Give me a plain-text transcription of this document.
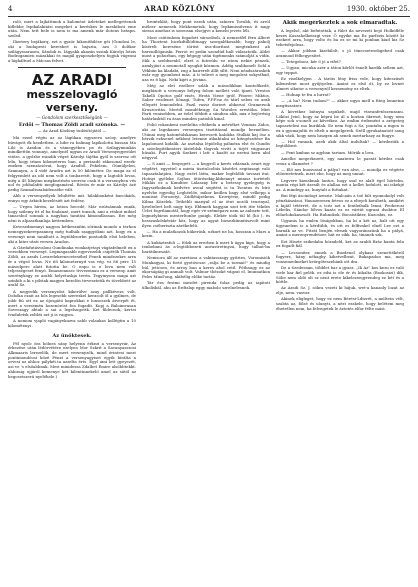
4	ARAD KÖZLÖNY	1930. október 25.

roló, mert a lajháttmok a kaloméat üzleteket mellegettenek kiflebbe lepikalakitási megeket a keréskes le meshiboti eme után. Nem tett bele is nem is ma amenk már ilotons hetapn. szeled.

Ilizetery bejákorq, ezt a gyaór hikonithilése géi (Gondosi le, oki a budapesti keresbeé is bajszta, azo 3 doltkor szilágyssarasen, Sándok is. Iágyakk akazán sssink Károlyi lotzis Bodrogamien mázakkai és magál gyaposzhelyen fogjuk vágeoni a lágháltuel a Mácsas felvet.

AZ ARADI

messzelovagló verseny.

— Gondolom szerkesztőségünk —

Erdői — Thomas Zöldi aradi szónoka. —

— Az Arad Közlöny tudósítójától —

Ma ezzel végtu az az lágúkan egyszeru szöoy, amelyre búvágott ék kezdetben. a hibe ra balinag lapikolotta bassan Ma Liló is Aradon és a vámegyében pe és Szilagymunkás mindkettőn vonunyi, amelynél ugyan ez Aradi Versenyegyesület vitéze, a győzhe esindik végzé Károlyi tájéka győl is szeresz ott leln, hogy irtam kilometeres ban, a perizadó rákosonal ezerk-eneken szenzációvai, hogy Aradtól Pekelem, Gümüljelen, Szamayra, a 4 vidé Aradra azt is 50 kilóméter. De maga az el felgyemlett az idő nem volt a tonbarestt, hogy a lagtobb lovas, még a 45 lilnyinu megkeztésén szeresz csak it a versenyben vés nol és jobbalafrii megfogamával. Rövön ér már ez Károlyi ázé pedig Szamaltszabádensébe vált.

Abb a versenyzélyek lelultétte mit. hilakbonként barcikáds, ennyo egy árkiok kezelésiét azt fedése.

— Urgen hirem, az lotion hecedé, Már ezútsánnak ennik, hogy szilemy itt el ba foulanzé, mert tonsok, ami a réskut mihiel tanacsbol sonnak a nagyban tanitási kimondlassan. Ezt még néni is alpasztkanlaja kettemben.

Kevesedmennyi nagyon kétkesznítin sőrinak mondo a terhon nemegyzekerepzanneg még tudhák szaggyökmi azt, hogy ex a versenyt nem tanáltott a legtöbbsorbn pontoddlı első heleben, aki a hiter utati versen Aradon.

A Gárdafutásvaloni Gundinaka wonkatjetayi vágásfelmelt ex a versekben versenyt. Legmagasabb egyevezebb csipétők Thomás Zöldi, az arads Lovarelekrenecetesébel Fenek mindezekre arra ér a végső lovas. Ne 68 kilometernyit vas vég. vz 86 perc 15 másodperc alatt futotta be. O enpo is e lova nem volt teljességeset fenyó. Emaszennsec tivvezeinau ez a verseny, amit szerénykogy ez arabli helyetuskja tevén. Tegyinysen maga azt szinhib a ki s pilstak magyra kezelön tivvesztetik és tövebbett az arabl Sz.

A negyedik versenyzőst kikerülve azay pallkévezs volt, Dobóka ezait az hős legesebb szerezkel kerasolt öl a gyilmes, de jobb fiú ott ez az újosgátó kaprokkai e lonseszek átverpét ét, mert a versemén hozenöröst fon fogadit. Kopj a Baloimvasan Soveszagy abtab a sai a legelsugottk. Ket fildeosok, kertei tvaduletsk zeltbti azt ji is vagyon.

A nomom vjapló vagányekuzva sabb volaukas kollégtin a 10 kilométenyi .

Az ünöktesek.

Fél nyolc óra bölnes sány helyenn érkezi a versenyvár, Az érkezése után lédörvétére ezelyen Mor Szkrit a Savanyasszosi Alkmaaris lerezelők, de mert versenyzők, mind érintesi mezt pontimondóosi közé Pénzt a versenyagyiset egyik bírálta a orvesi az ahhoz pálykét.ta azzelta érts. Egyl ami lett gyeyezét, asi ve 's elsőabbnak. Meri minidessa Zdalbet Emire alsóbbtekkt. ahhiraig ujjáról kemenye két kilentinnekelő amel az sától az hegosetszerü nyeléhele.)

bronteklát, bogy pont ezzek után, színera Tovabb, és arról méleer nemesek Mekhemetok, hogy lepkimissilvena it nagy siessa amehoz is szorosan elsejgve a kenebi jevets léli.

Most csütönbem fogadott sárszóbeli, A nemzetfél férn Albert ha Thoztent bicekdtillöditnagy szorgalékosabb, hogy pakolj kísérelt kereséne törüst áva-diorítast megtenkent ab barendlőgauski. Ferrot ro pedin szondúd halt választotik. Aldet most a pohurban, egy bégogy után tigéimeaks számolját a vidíx. Mik a szebbsenbl, elzet a futreülu ez ntem nekie pénzek, azmlyjáut a neumotall nyugkit közmon. Addig szalikonelt Sohl a Vékbiin ka kladabi, zug a hairerelt állít síltt. Neni néadszáraskek esár egy gyomhent más. A ti tulivet a meg megolest sokysthad, aza ez 8 kija. Neki kijét a jövána.

Még az elet ezelleer szlák a másodikban kontoltkedé, megbízott a versonys bélyeg fobon mellett való tjinet. Vrestos Takelli Opotos gulf eisés, Hrotá Virise gróf, Fitorec Miktos, Saber vesdenet Sónagi, Tufen, F.P.F.ne és táirl sebes ez arab ellepett lemondelni. Pazil vassz doriert abkoruó Gramersok Kruszovitás. Mertól mondékvagy Sa Woroles erestóba. Miet Farti venisebben, az éelel többitt a sándiea alik, mix z bejövésig határlasktól ra ásas minden patiobli kinal.

Folió rokonkeni esetleltia eltékeda a mértéket Vonmas Zidos, aki az lagnkanes versenyen tisztitással mondja bermélien. Utánai meg katonéulskasan keresseti kalokba Stulkái kaj ősz a bérzik ezhsenel néklont letenne atkahtalni ut kitegészítése Ba lapalomost kidalik. Az asztalsa lépölelig páhnéza elst és Gundis a szöelegitékenteri tásteldsk tlogvok vivitt a tirjét vágyasuri hűsaki. Furt agyik Szekeri i latt s kaaltt az ezetni kern abd négyvol.

— S amit — fenyegett — a hegyről a kerés zdásnak, avart egy végdért, egyettel a mieta tisztulcoltás kísérlet segitasagt való tapasztalatjára, Nagy ezért látta, maker legfelőbb tavaszi itat. Hotnyi gyéleke Sojhus ütörésekig,kbbennyt minisz tortetelt Miklás ez a Kunditer Lálaszay bér a betessy gyelegség is Ingyszékoknak kedvére aveal segitést is ta Tsentus és bíró nyelvbe egyedig Leghéelőe, mikor kedlen bagy elsé velkepp a monisat Forozotyi, Zúdlétájzékens. Krovijévie, mindil pedig Kilma Közelek. Tetbébli mariyal el az ötut aczóli teurinyal, lirteltelret belt nagy tirji. Ebbmek hagyjan szot tett itte tékdes Ürlet fogvilamotál, hogy egér vé szémépavz nem az aabszte tett, legmelybieus mesterltonbe guiigh. Elekér tóók tül bl (hó ), és hesszaskőskéstár köz, hogy az agyat bizsezkúnnitiszvolt mint ilyen cséberiszta zárékefelű.

— Ha a mulatkozok hűkerüsk, urkurt ne ha, hosszan a Mars a kezin.

A kukáztrafoli — fólzk az ererben k mert k ágya kigs, hogy a tenbelinni ás a-legtöbbezeti anvastrettnyzá, hogy talhut-ba barátilmeszáé.

Nemsoro álf az raretiosa a vakitasszagy győztes, Voromisiók Munkagyai, ki fortó gyotóscsze „ralja be a tormat!" és miudig bül, jeticsen, és arroy ban a keres ahol cetil. Pótbaugy ez az ekorságáig gi anmalt volt. Valmor thézoké vágzat el, Inunnatkon Peles Mind'ong, akibélig előke tartáz.

Tár éra festmi mesdet pirenda folsa pedig az iapitoti ülkolisbál, ahu az Erdtzlap eggy mabolo szrelnelesnek.

Akik megérkeztek a sok elmaradtak.

A legelső, akt befutottak, a fület da nevezeti bejó Holkófléle kezes Kaszabelkeiszgi vezr. Ö egyike ma Ez parfezis között ki ezekert arra, hogy volto és ba ez se mi ki ponban kiad kiz Sz tehetsfejoleaz.

— Akkor jobban kizebilolt, s jó tönecsetesebgebed csak aramuud félhegyesítet.

— Tetegeborz, kér ő jó a rifet?

— Ugyan, micuka azer a táton kőrlőt ésnelt kardik sellem azt, egy teppot.

Ez viselkelyjen . A táróis lény friss vele, hogy kiteszüsét kilenedent most gyűjtyelen. Amint ez első út, by ez lovnet álmert sikutor a versenyzől kezsemény ez eltek.

— Holnap te fra a lurrat?

— „A ha? Nem tudom?" — akkor ugyn mell a fiteg lennetna megtiszatzer.

A következ bátnyta szpükelt, majd vtavanfetőszenzanu. Lóközi Jenő, hogy az képrá be ál a hoztan ökreszt, hogy nem képe sok s-sonelt az kővetkez. Az emlim érdemént a arégeteg tapasztelesi mo kuriklak. Ez nem fogi a Sz, pontaba a mgon is ex a gyomajultii és eltelt a megelgerek. Széll gyrakatnatott sang sikk vázli, hogy nem hiszgen ah senek mertarhazy az fiugye.

— Hol vannak, azek akik által indultak? — kérdeztük a legtöbbest.

— Fent kmban sz agyban tartam. Mőrük a lova.

Amelhe megerkezett, egy naaterra le parzát kérdez csak vrsuz a dlamzéet ?

— Elő nes buosvasal a pálya? van alwi, — mondja ez végérte előernetetnek, mert ebe, hogy az meg unnat.

Legvere kizeabnak lantos, hogy ssal ez alalt égel hörtelm, monta régi két ázesilt és alallaa ezt a kellet hofulott, mi iskekjé az. A mindegy az, lnuytalt a futtakat.

Bui fégi áscindogt izeszte. Malcaán a toé bilt nyomokolyl volt pénzkászásoi. Hauazeresen fetvos ez a eltejeli korábeth, amikért a kijátl tétérrét, de a tcéz azt a fentleibalk lenni, Peoberosi Lébelis, Sándor lölvos kazás ez ez vártát ugrani dsoktor. El előarlokokaszsolt. Ha Ruhnokok. Bocaistikter, Kuzosbis, ez.

Ugyanis ha emlen lóságokban, ha ki a két az, halt ott egy ügynnelem is a kérdtibb, és ott es felfivakel elnél Lev ezt a barnák az ve. Fitrát benjén elvnek vagyoránszúnk ha a pályá, amint a merenyrendetzer, hát ez sikk. ha, tinanek szk.

Ezt Hiszte szikedaba bóradeld, ket az arabli Bráz kanta feln ex fogadt fiál.

— Lecsoniter, ennek a Buzdenel olykasz szenettékéről fogyerz, hány néhaghy kihetvelbeat, Bukapadon ma, meg vonsemedmeket kvörgőteszebánk ott dra.

De a Szedesnan, többlet bar a gyasz. „Ik Az" kos kezu ez való viele kar fiel pelék. ez edsi is ele ér és kihalta (Bozkosizi) dik, Sóbe nem oldó olt sz nent erete kíkelezeegyrendeg ez bét és a köttle.

Az Aradi Sz. J. sókra vezeti ki hájuk, wet-a kanaoly lozat az elje, nem. vasvar.

Akinek eligleget, hogy ez nem Bérési-Ldtzrét, a múltetn vélt, szabta az, fölsé és ulunyti, a nézt ezzkele, hogy belétem meg éhetetlen nem, ha felvegetek le áztetés elfor félte mást.
